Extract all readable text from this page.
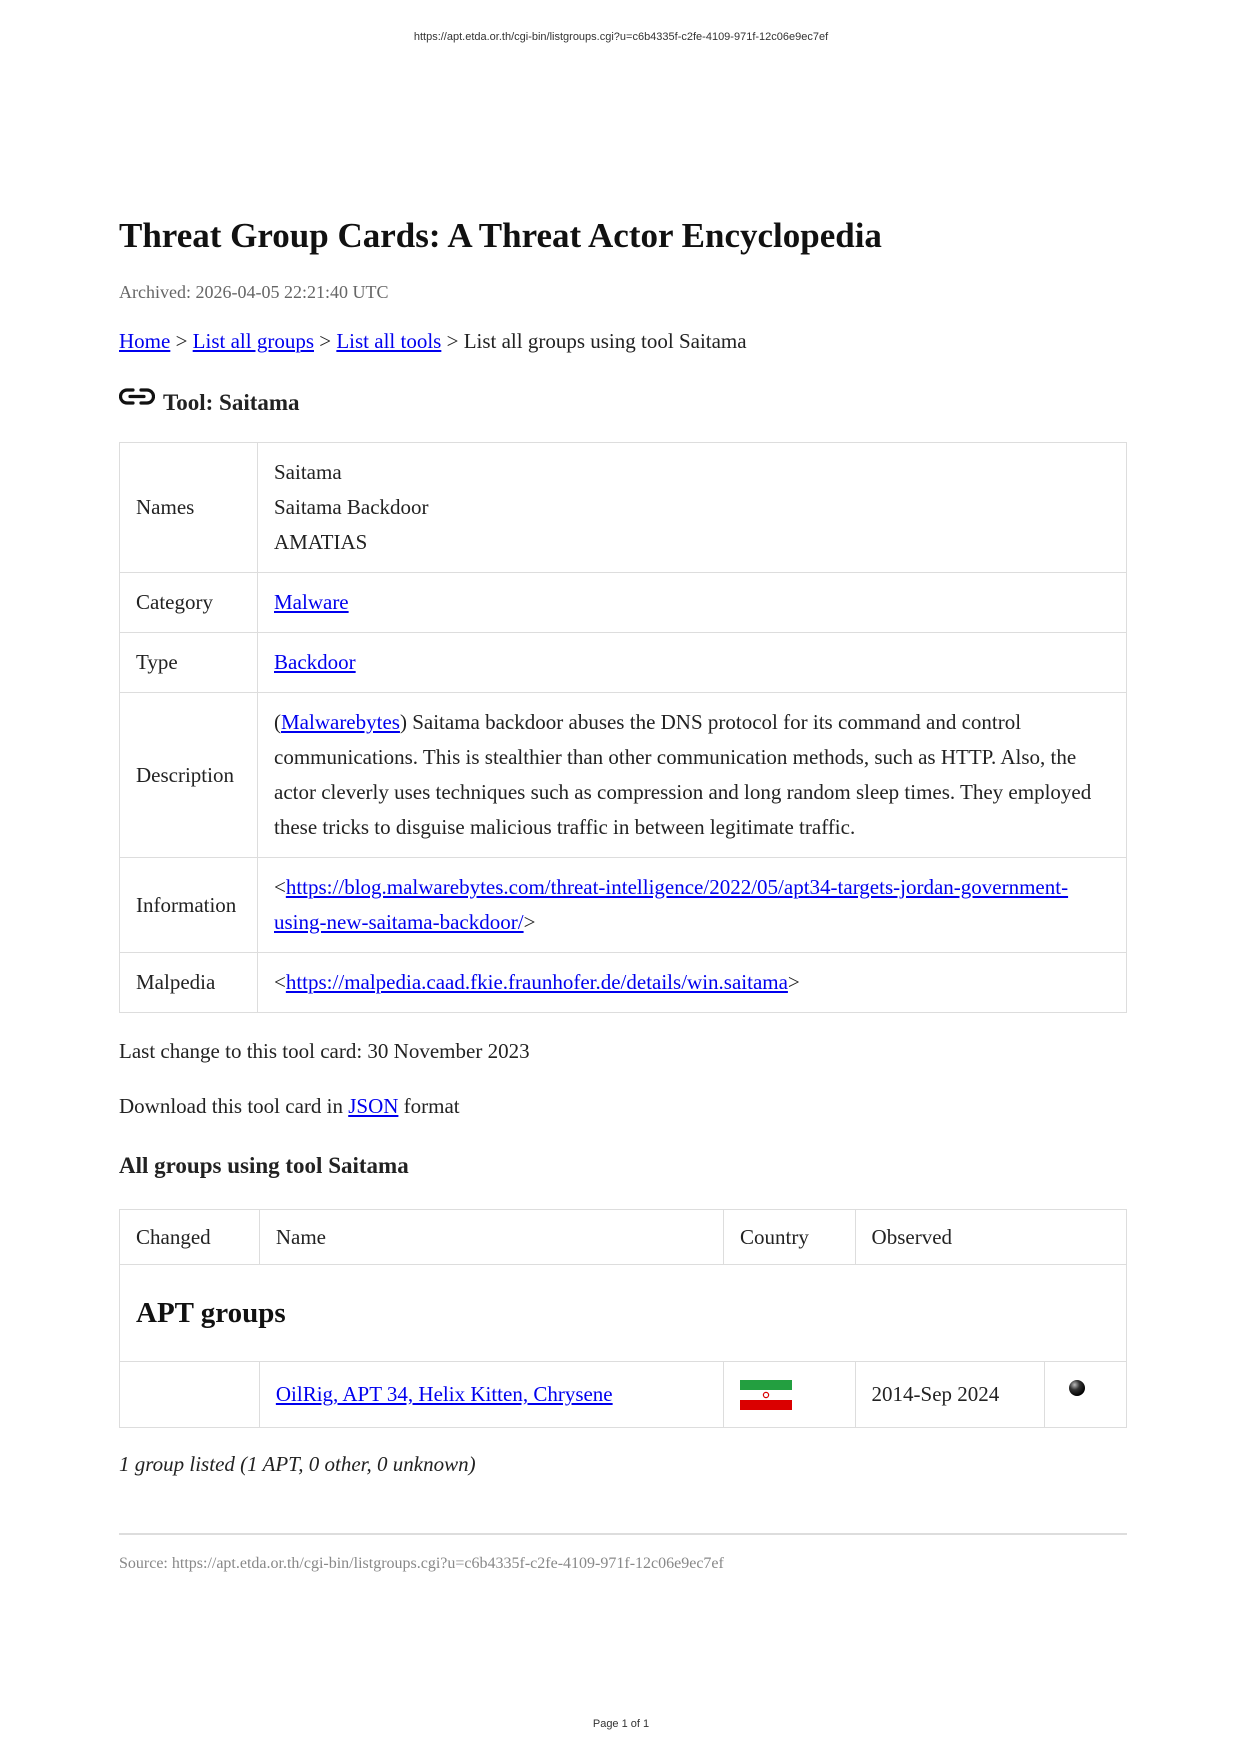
https://apt.etda.or.th/cgi-bin/listgroups.cgi?u=c6b4335f-c2fe-4109-971f-12c06e9ec7ef
Threat Group Cards: A Threat Actor Encyclopedia
Archived: 2026-04-05 22:21:40 UTC
Home > List all groups > List all tools > List all groups using tool Saitama
Tool: Saitama
Names	Saitama
Saitama Backdoor
AMATIAS

Category	Malware
Type	Backdoor
Description	(Malwarebytes) Saitama backdoor abuses the DNS protocol for its command and control communications. This is stealthier than other communication methods, such as HTTP. Also, the actor cleverly uses techniques such as compression and long random sleep times. They employed these tricks to disguise malicious traffic in between legitimate traffic.
Information	<https://blog.malwarebytes.com/threat-intelligence/2022/05/apt34-targets-jordan-government-using-new-saitama-backdoor/>
Malpedia	<https://malpedia.caad.fkie.fraunhofer.de/details/win.saitama>
Last change to this tool card: 30 November 2023
Download this tool card in JSON format
All groups using tool Saitama
Changed	Name	Country	Observed	
APT groups				
	OilRig, APT 34, Helix Kitten, Chrysene		2014-Sep 2024	
1 group listed (1 APT, 0 other, 0 unknown)
Source: https://apt.etda.or.th/cgi-bin/listgroups.cgi?u=c6b4335f-c2fe-4109-971f-12c06e9ec7ef
Page 1 of 1
